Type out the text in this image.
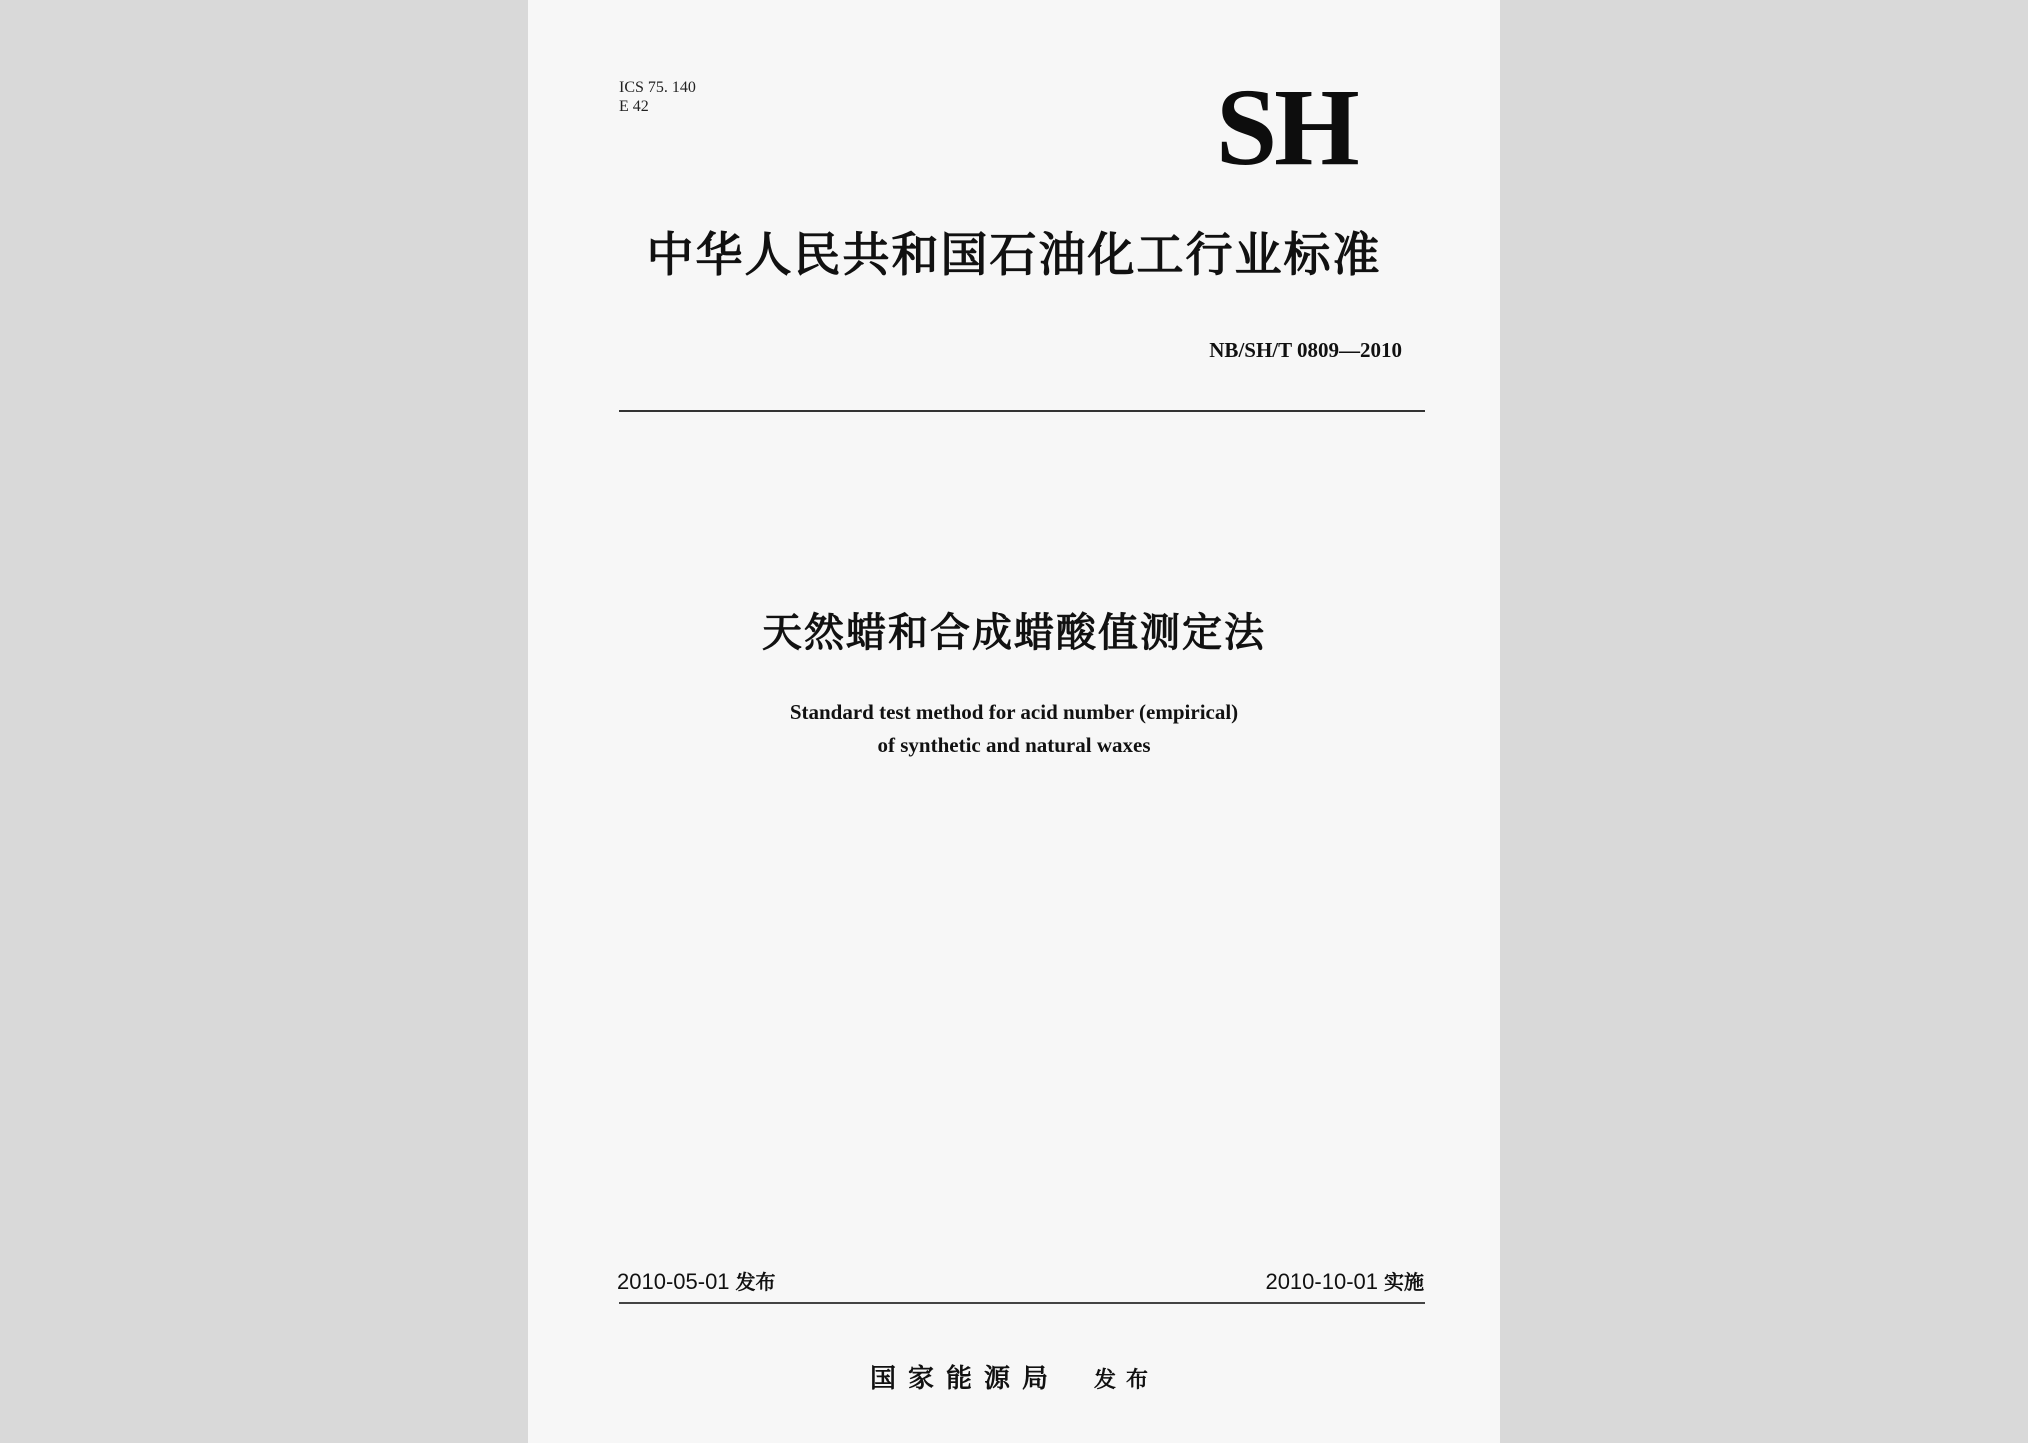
ICS 75. 140
E 42	SH
中华人民共和国石油化工行业标准
NB/SH/T 0809—2010
天然蜡和合成蜡酸值测定法
Standard test method for acid number (empirical)
of synthetic and natural waxes
2010-05-01 发布	2010-10-01 实施
国家能源局 发布
